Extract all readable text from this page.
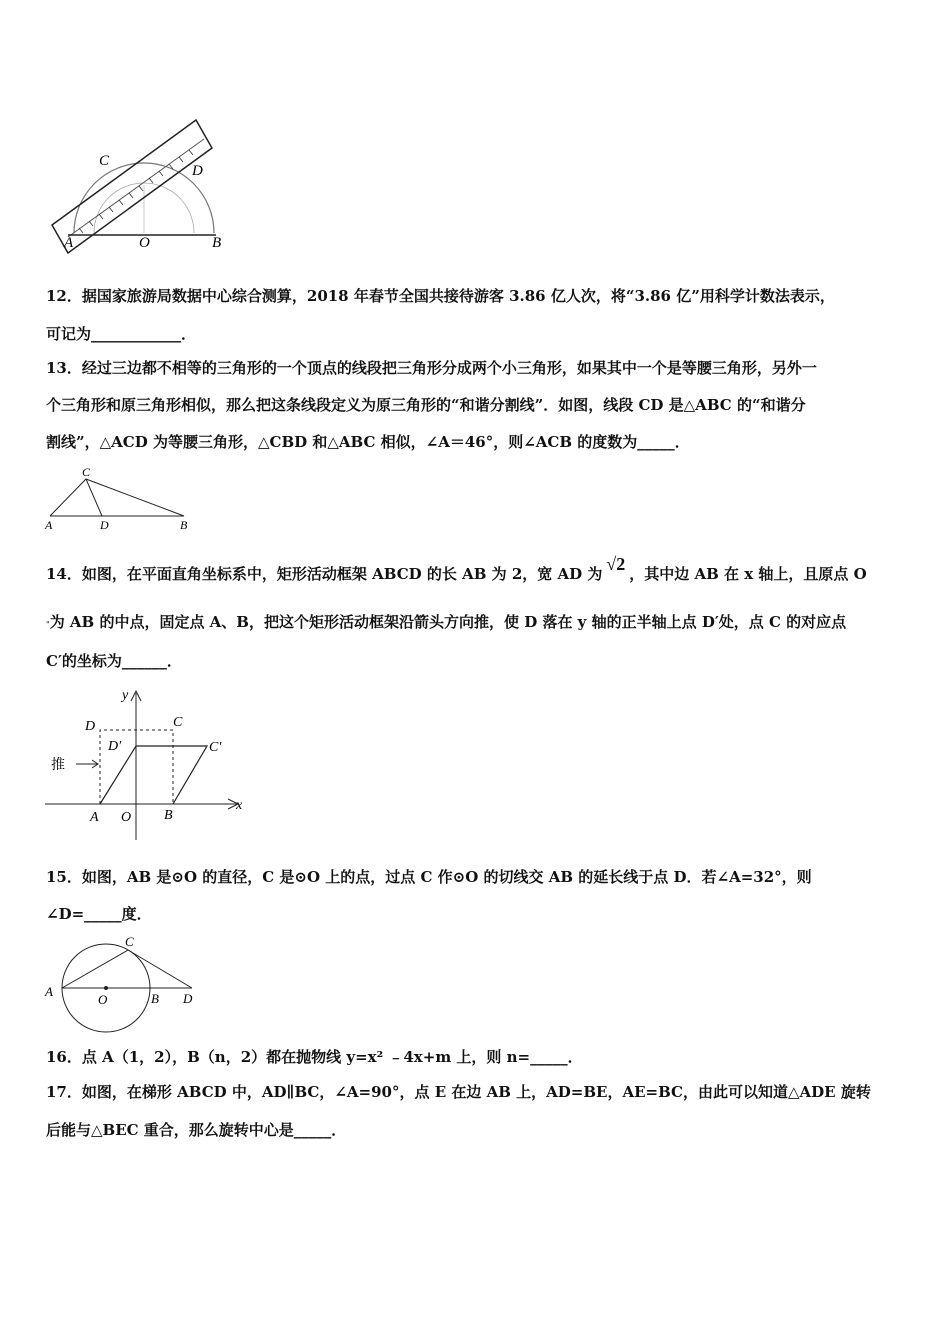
C
D
A	O	B
12．据国家旅游局数据中心综合测算，2018 年春节全国共接待游客 3.86 亿人次，将“3.86 亿”用科学计数法表示，
可记为____________．
13．经过三边都不相等的三角形的一个顶点的线段把三角形分成两个小三角形，如果其中一个是等腰三角形，另外一
个三角形和原三角形相似，那么把这条线段定义为原三角形的“和谐分割线”．如图，线段 CD 是△ABC 的“和谐分
割线”，△ACD 为等腰三角形，△CBD 和△ABC 相似，∠A＝46°，则∠ACB 的度数为_____．
C
A	D	B
14．如图，在平面直角坐标系中，矩形活动框架 ABCD 的长 AB 为 2，宽 AD 为 √2 ，其中边 AB 在 x 轴上，且原点 O
"为 AB 的中点，固定点 A、B，把这个矩形活动框架沿箭头方向推，使 D 落在 y 轴的正半轴上点 D′处，点 C 的对应点
C′的坐标为______．
y
D	C
D′	C′
推
x
A O B
15．如图，AB 是⊙O 的直径，C 是⊙O 上的点，过点 C 作⊙O 的切线交 AB 的延长线于点 D．若∠A=32°，则
∠D=_____度．
C
A
O	B D
16．点 A（1，2），B（n，2）都在抛物线 y=x² ﹣4x+m 上，则 n=_____．
17．如图，在梯形 ABCD 中，AD∥BC，∠A=90°，点 E 在边 AB 上，AD=BE，AE=BC，由此可以知道△ADE 旋转
后能与△BEC 重合，那么旋转中心是_____．
